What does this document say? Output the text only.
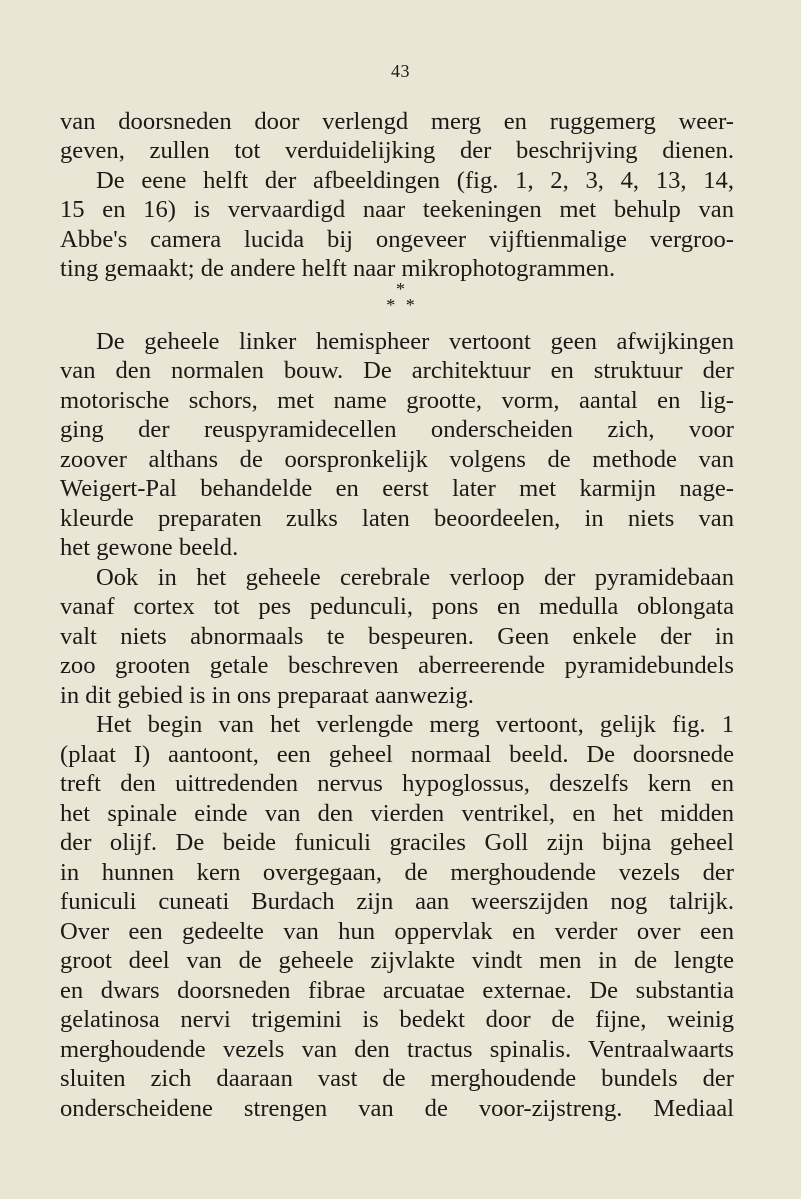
43
*
* *
van doorsneden door verlengd merg en ruggemerg weer-
geven, zullen tot verduidelijking der beschrijving dienen.
De eene helft der afbeeldingen (fig. 1, 2, 3, 4, 13, 14,
15 en 16) is vervaardigd naar teekeningen met behulp van
Abbe's camera lucida bij ongeveer vijftienmalige vergroo-
ting gemaakt; de andere helft naar mikrophotogrammen.
De geheele linker hemispheer vertoont geen afwijkingen
van den normalen bouw. De architektuur en struktuur der
motorische schors, met name grootte, vorm, aantal en lig-
ging der reuspyramidecellen onderscheiden zich, voor
zoover althans de oorspronkelijk volgens de methode van
Weigert-Pal behandelde en eerst later met karmijn nage-
kleurde preparaten zulks laten beoordeelen, in niets van
het gewone beeld.
Ook in het geheele cerebrale verloop der pyramidebaan
vanaf cortex tot pes pedunculi, pons en medulla oblongata
valt niets abnormaals te bespeuren. Geen enkele der in
zoo grooten getale beschreven aberreerende pyramidebundels
in dit gebied is in ons preparaat aanwezig.
Het begin van het verlengde merg vertoont, gelijk fig. 1
(plaat I) aantoont, een geheel normaal beeld. De doorsnede
treft den uittredenden nervus hypoglossus, deszelfs kern en
het spinale einde van den vierden ventrikel, en het midden
der olijf. De beide funiculi graciles Goll zijn bijna geheel
in hunnen kern overgegaan, de merghoudende vezels der
funiculi cuneati Burdach zijn aan weerszijden nog talrijk.
Over een gedeelte van hun oppervlak en verder over een
groot deel van de geheele zijvlakte vindt men in de lengte
en dwars doorsneden fibrae arcuatae externae. De substantia
gelatinosa nervi trigemini is bedekt door de fijne, weinig
merghoudende vezels van den tractus spinalis. Ventraalwaarts
sluiten zich daaraan vast de merghoudende bundels der
onderscheidene strengen van de voor-zijstreng. Mediaal
